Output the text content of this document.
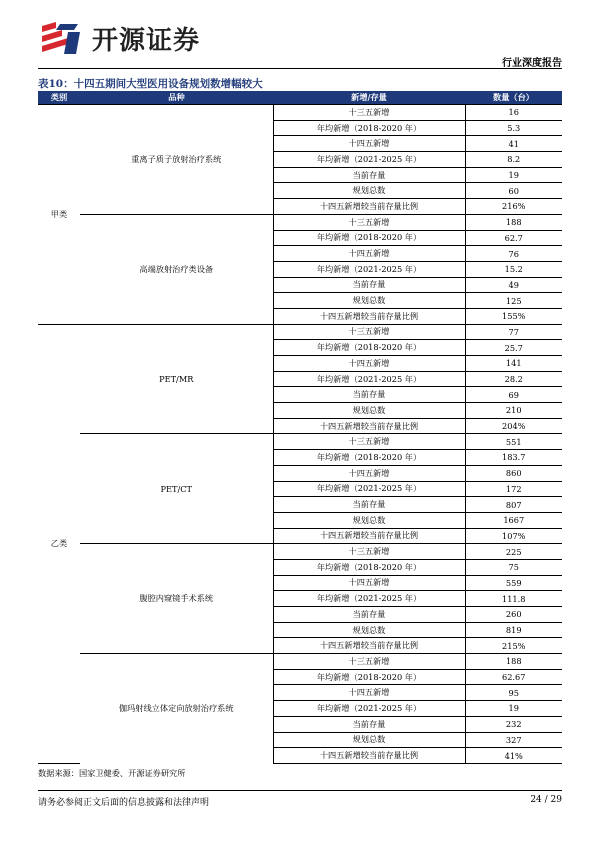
开源证券
行业深度报告
表10：十四五期间大型医用设备规划数增幅较大
类别	品种	新增/存量	数量（台）
甲类	重离子质子放射治疗系统	十三五新增	16
		年均新增（2018-2020 年）	5.3
		十四五新增	41
		年均新增（2021-2025 年）	8.2
		当前存量	19
		规划总数	60
		十四五新增较当前存量比例	216%
	高端放射治疗类设备	十三五新增	188
		年均新增（2018-2020 年）	62.7
		十四五新增	76
		年均新增（2021-2025 年）	15.2
		当前存量	49
		规划总数	125
		十四五新增较当前存量比例	155%
乙类	PET/MR	十三五新增	77
		年均新增（2018-2020 年）	25.7
		十四五新增	141
		年均新增（2021-2025 年）	28.2
		当前存量	69
		规划总数	210
		十四五新增较当前存量比例	204%
	PET/CT	十三五新增	551
		年均新增（2018-2020 年）	183.7
		十四五新增	860
		年均新增（2021-2025 年）	172
		当前存量	807
		规划总数	1667
		十四五新增较当前存量比例	107%
	腹腔内窥镜手术系统	十三五新增	225
		年均新增（2018-2020 年）	75
		十四五新增	559
		年均新增（2021-2025 年）	111.8
		当前存量	260
		规划总数	819
		十四五新增较当前存量比例	215%
	伽玛射线立体定向放射治疗系统	十三五新增	188
		年均新增（2018-2020 年）	62.67
		十四五新增	95
		年均新增（2021-2025 年）	19
		当前存量	232
		规划总数	327
		十四五新增较当前存量比例	41%
数据来源：国家卫健委、开源证券研究所
请务必参阅正文后面的信息披露和法律声明	24 / 29
